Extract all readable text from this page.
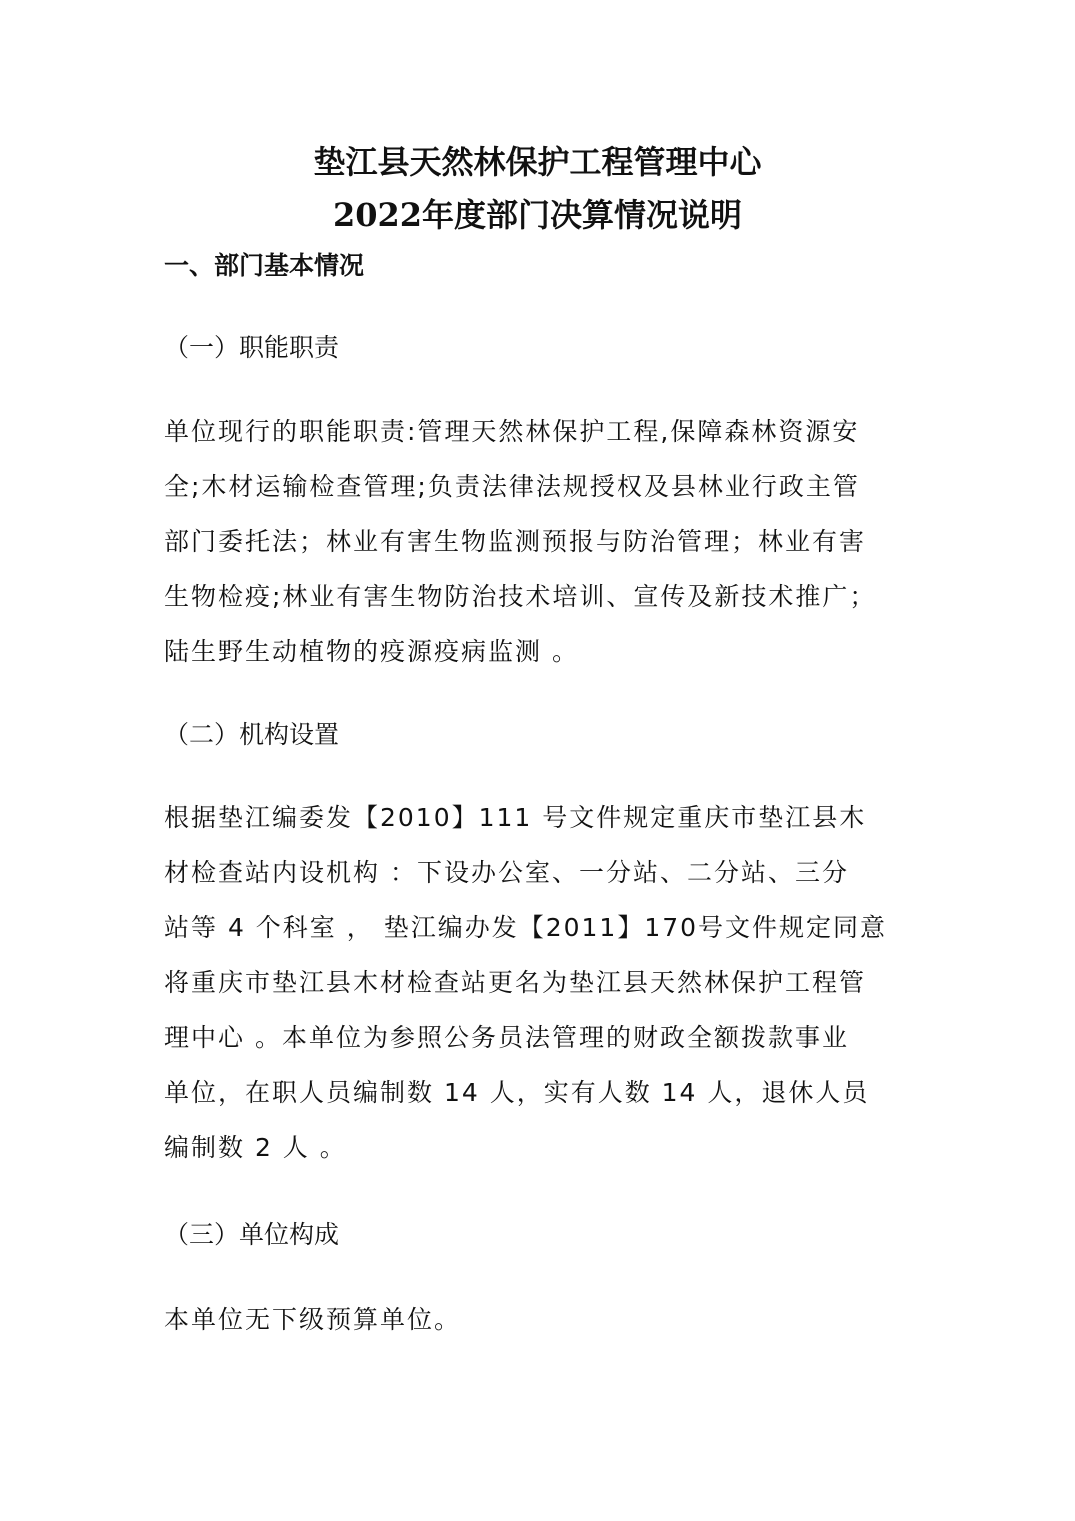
垫江县天然林保护工程管理中心
2022年度部门决算情况说明
一、部门基本情况
（一）职能职责
单位现行的职能职责:管理天然林保护工程,保障森林资源安
全;木材运输检查管理;负责法律法规授权及县林业行政主管
部门委托法；林业有害生物监测预报与防治管理；林业有害
生物检疫;林业有害生物防治技术培训、宣传及新技术推广；
陆生野生动植物的疫源疫病监测 。
（二）机构设置
根据垫江编委发【2010】111 号文件规定重庆市垫江县木
材检查站内设机构 ：下设办公室、一分站、二分站、三分
站等 4 个科室 ， 垫江编办发【2011】170号文件规定同意
将重庆市垫江县木材检查站更名为垫江县天然林保护工程管
理中心 。本单位为参照公务员法管理的财政全额拨款事业
单位，在职人员编制数 14 人，实有人数 14 人，退休人员
编制数 2 人 。
（三）单位构成
本单位无下级预算单位。
